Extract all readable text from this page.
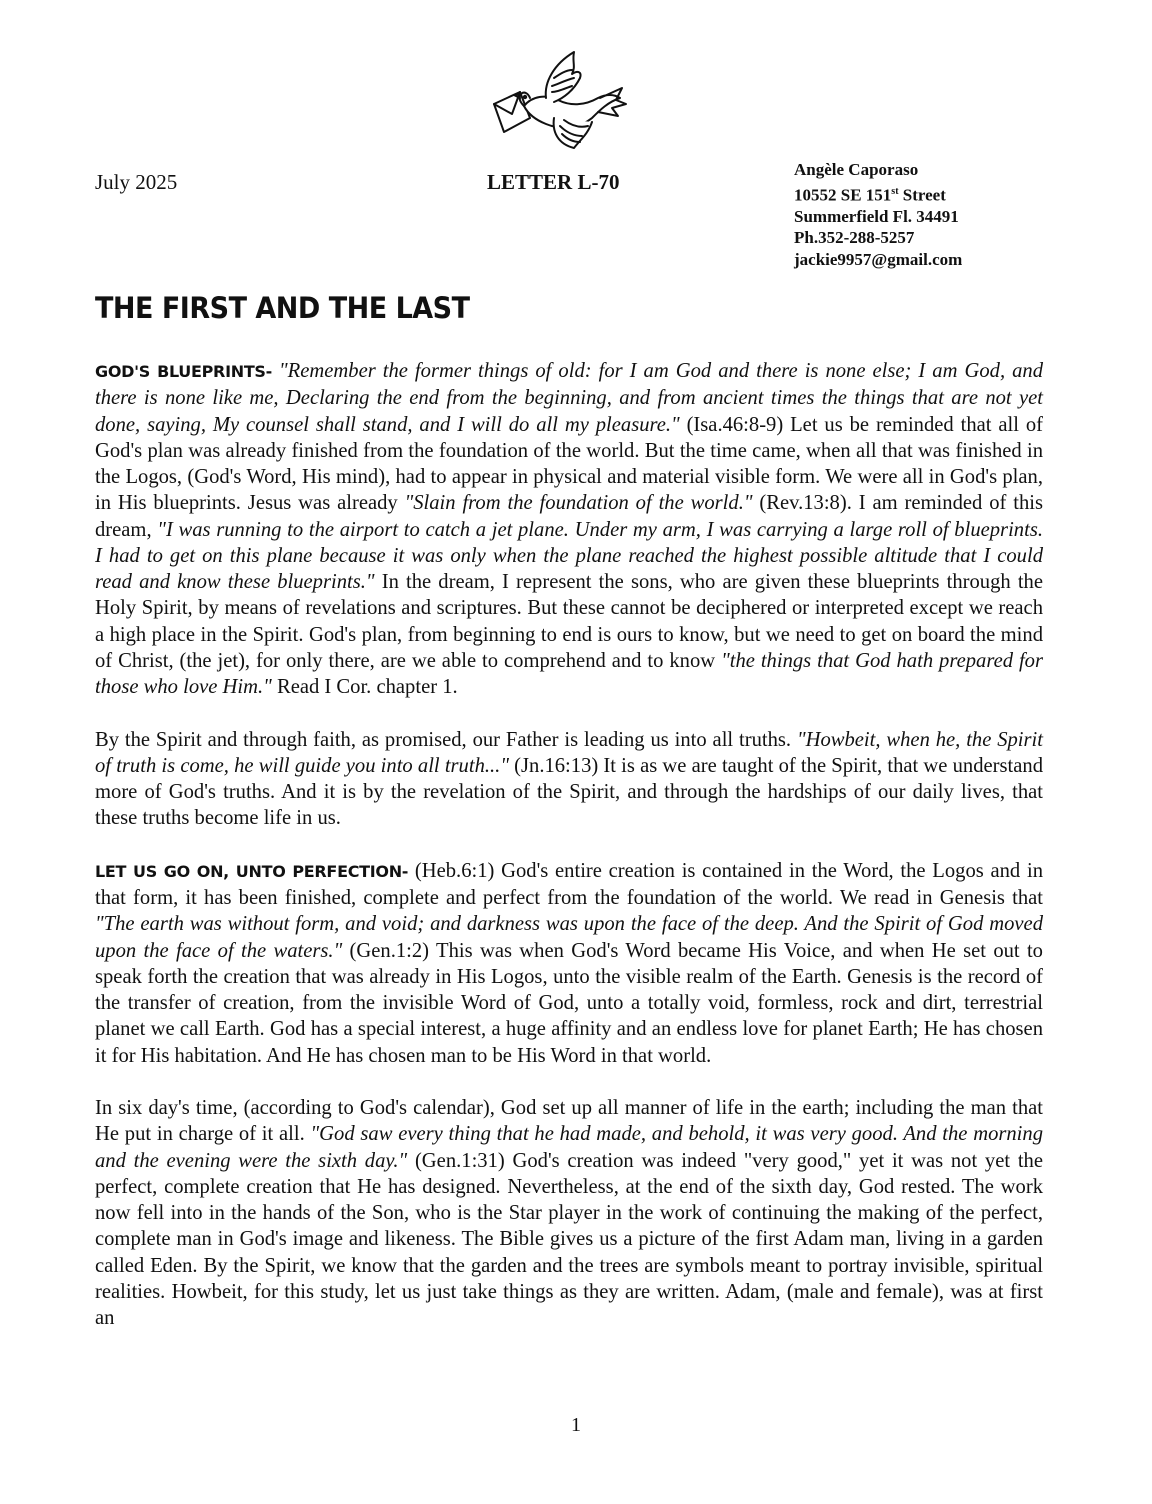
July 2025	LETTER L-70
Angèle Caporaso
10552 SE 151st Street
Summerfield Fl. 34491
Ph.352-288-5257
jackie9957@gmail.com
THE FIRST AND THE LAST

GOD'S BLUEPRINTS- "Remember the former things of old: for I am God and there is none else; I am God, and there is none like me, Declaring the end from the beginning, and from ancient times the things that are not yet done, saying, My counsel shall stand, and I will do all my pleasure." (Isa.46:8-9) Let us be reminded that all of God's plan was already finished from the foundation of the world. But the time came, when all that was finished in the Logos, (God's Word, His mind), had to appear in physical and material visible form. We were all in God's plan, in His blueprints. Jesus was already "Slain from the foundation of the world." (Rev.13:8). I am reminded of this dream, "I was running to the airport to catch a jet plane. Under my arm, I was carrying a large roll of blueprints. I had to get on this plane because it was only when the plane reached the highest possible altitude that I could read and know these blueprints." In the dream, I represent the sons, who are given these blueprints through the Holy Spirit, by means of revelations and scriptures. But these cannot be deciphered or interpreted except we reach a high place in the Spirit. God's plan, from beginning to end is ours to know, but we need to get on board the mind of Christ, (the jet), for only there, are we able to comprehend and to know "the things that God hath prepared for those who love Him." Read I Cor. chapter 1.

By the Spirit and through faith, as promised, our Father is leading us into all truths. "Howbeit, when he, the Spirit of truth is come, he will guide you into all truth..." (Jn.16:13) It is as we are taught of the Spirit, that we understand more of God's truths. And it is by the revelation of the Spirit, and through the hardships of our daily lives, that these truths become life in us.

LET US GO ON, UNTO PERFECTION- (Heb.6:1) God's entire creation is contained in the Word, the Logos and in that form, it has been finished, complete and perfect from the foundation of the world. We read in Genesis that "The earth was without form, and void; and darkness was upon the face of the deep. And the Spirit of God moved upon the face of the waters." (Gen.1:2) This was when God's Word became His Voice, and when He set out to speak forth the creation that was already in His Logos, unto the visible realm of the Earth. Genesis is the record of the transfer of creation, from the invisible Word of God, unto a totally void, formless, rock and dirt, terrestrial planet we call Earth. God has a special interest, a huge affinity and an endless love for planet Earth; He has chosen it for His habitation. And He has chosen man to be His Word in that world.

In six day's time, (according to God's calendar), God set up all manner of life in the earth; including the man that He put in charge of it all. "God saw every thing that he had made, and behold, it was very good. And the morning and the evening were the sixth day." (Gen.1:31) God's creation was indeed "very good," yet it was not yet the perfect, complete creation that He has designed. Nevertheless, at the end of the sixth day, God rested. The work now fell into in the hands of the Son, who is the Star player in the work of continuing the making of the perfect, complete man in God's image and likeness. The Bible gives us a picture of the first Adam man, living in a garden called Eden. By the Spirit, we know that the garden and the trees are symbols meant to portray invisible, spiritual realities. Howbeit, for this study, let us just take things as they are written. Adam, (male and female), was at first an

1
